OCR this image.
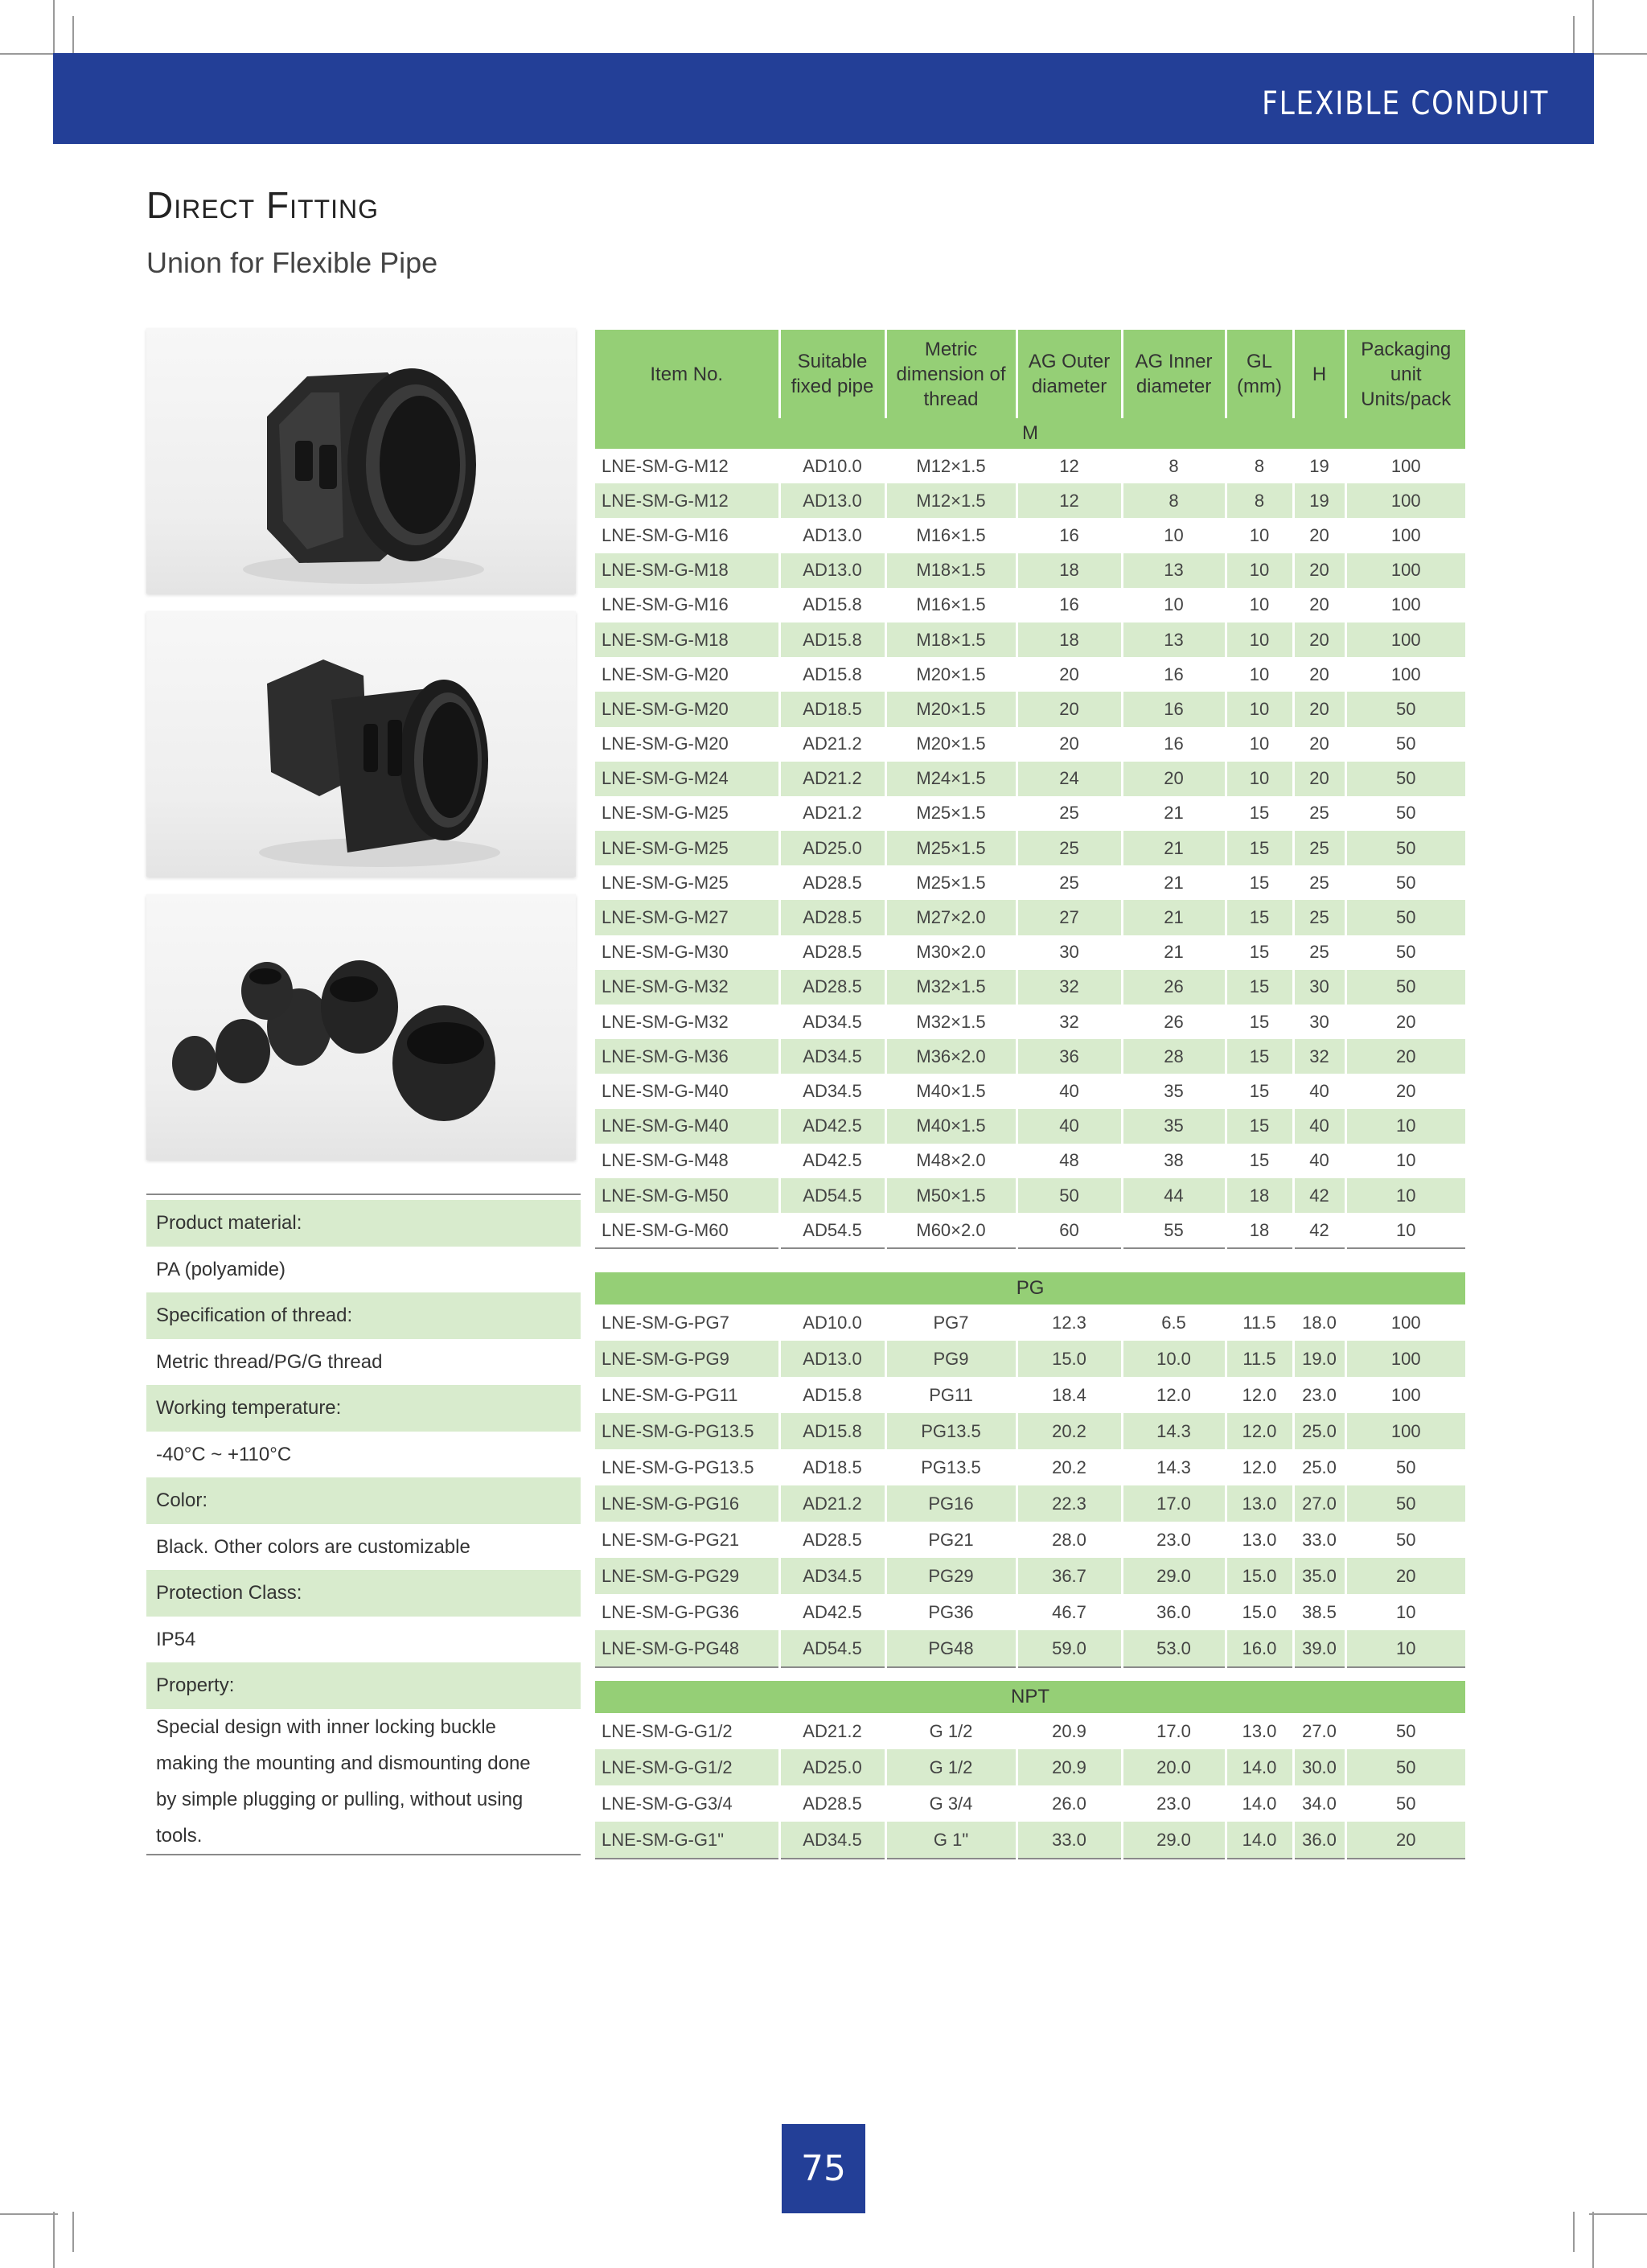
FLEXIBLE CONDUIT
Direct Fitting
Union for Flexible Pipe
Product material:
PA (polyamide)
Specification of thread:
Metric thread/PG/G thread
Working temperature:
-40°C ~ +110°C
Color:
Black. Other colors are customizable
Protection Class:
IP54
Property:
Special design with inner locking buckle
making the mounting and dismounting done
by simple plugging or pulling, without using
tools.
Item No.	Suitable fixed pipe	Metric dimension of thread	AG Outer diameter	AG Inner diameter	GL (mm)	H	Packaging unit Units/pack
M							
LNE-SM-G-M12	AD10.0	M12×1.5	12	8	8	19	100
LNE-SM-G-M12	AD13.0	M12×1.5	12	8	8	19	100
LNE-SM-G-M16	AD13.0	M16×1.5	16	10	10	20	100
LNE-SM-G-M18	AD13.0	M18×1.5	18	13	10	20	100
LNE-SM-G-M16	AD15.8	M16×1.5	16	10	10	20	100
LNE-SM-G-M18	AD15.8	M18×1.5	18	13	10	20	100
LNE-SM-G-M20	AD15.8	M20×1.5	20	16	10	20	100
LNE-SM-G-M20	AD18.5	M20×1.5	20	16	10	20	50
LNE-SM-G-M20	AD21.2	M20×1.5	20	16	10	20	50
LNE-SM-G-M24	AD21.2	M24×1.5	24	20	10	20	50
LNE-SM-G-M25	AD21.2	M25×1.5	25	21	15	25	50
LNE-SM-G-M25	AD25.0	M25×1.5	25	21	15	25	50
LNE-SM-G-M25	AD28.5	M25×1.5	25	21	15	25	50
LNE-SM-G-M27	AD28.5	M27×2.0	27	21	15	25	50
LNE-SM-G-M30	AD28.5	M30×2.0	30	21	15	25	50
LNE-SM-G-M32	AD28.5	M32×1.5	32	26	15	30	50
LNE-SM-G-M32	AD34.5	M32×1.5	32	26	15	30	20
LNE-SM-G-M36	AD34.5	M36×2.0	36	28	15	32	20
LNE-SM-G-M40	AD34.5	M40×1.5	40	35	15	40	20
LNE-SM-G-M40	AD42.5	M40×1.5	40	35	15	40	10
LNE-SM-G-M48	AD42.5	M48×2.0	48	38	15	40	10
LNE-SM-G-M50	AD54.5	M50×1.5	50	44	18	42	10
LNE-SM-G-M60	AD54.5	M60×2.0	60	55	18	42	10
PG							
LNE-SM-G-PG7	AD10.0	PG7	12.3	6.5	11.5	18.0	100
LNE-SM-G-PG9	AD13.0	PG9	15.0	10.0	11.5	19.0	100
LNE-SM-G-PG11	AD15.8	PG11	18.4	12.0	12.0	23.0	100
LNE-SM-G-PG13.5	AD15.8	PG13.5	20.2	14.3	12.0	25.0	100
LNE-SM-G-PG13.5	AD18.5	PG13.5	20.2	14.3	12.0	25.0	50
LNE-SM-G-PG16	AD21.2	PG16	22.3	17.0	13.0	27.0	50
LNE-SM-G-PG21	AD28.5	PG21	28.0	23.0	13.0	33.0	50
LNE-SM-G-PG29	AD34.5	PG29	36.7	29.0	15.0	35.0	20
LNE-SM-G-PG36	AD42.5	PG36	46.7	36.0	15.0	38.5	10
LNE-SM-G-PG48	AD54.5	PG48	59.0	53.0	16.0	39.0	10
NPT							
LNE-SM-G-G1/2	AD21.2	G 1/2	20.9	17.0	13.0	27.0	50
LNE-SM-G-G1/2	AD25.0	G 1/2	20.9	20.0	14.0	30.0	50
LNE-SM-G-G3/4	AD28.5	G 3/4	26.0	23.0	14.0	34.0	50
LNE-SM-G-G1"	AD34.5	G 1"	33.0	29.0	14.0	36.0	20
75
